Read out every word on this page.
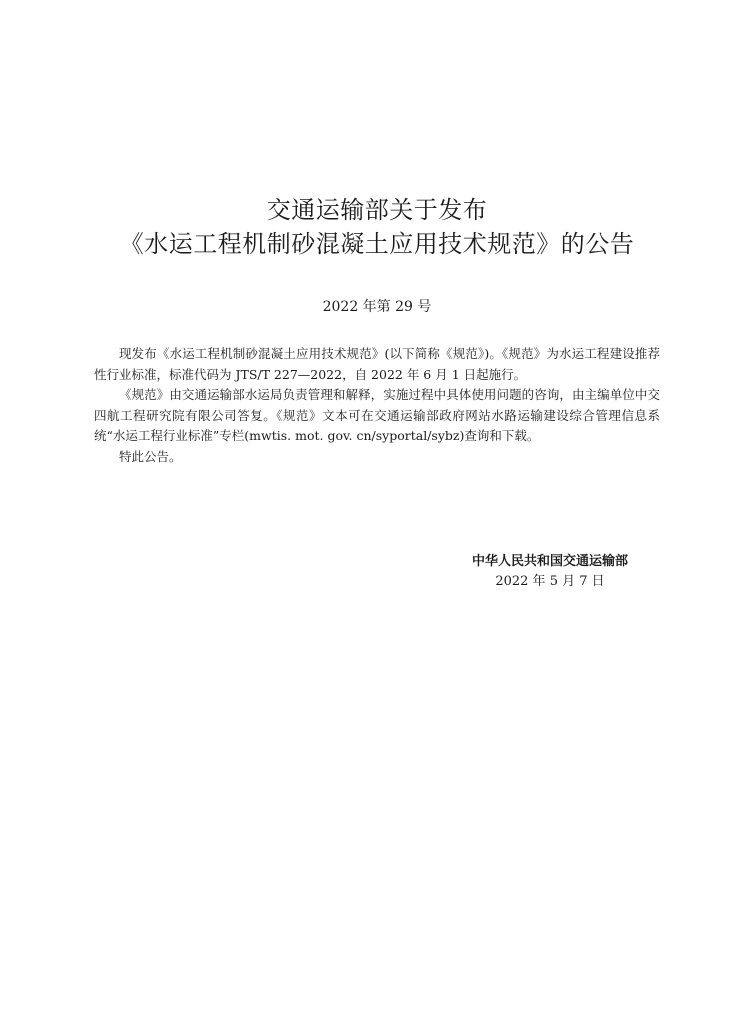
交通运输部关于发布
《水运工程机制砂混凝土应用技术规范》的公告
2022 年第 29 号

现发布《水运工程机制砂混凝土应用技术规范》(以下简称《规范》)。《规范》为水运工程建设推荐性行业标准，标准代码为 JTS/T 227—2022，自 2022 年 6 月 1 日起施行。

《规范》由交通运输部水运局负责管理和解释，实施过程中具体使用问题的咨询，由主编单位中交四航工程研究院有限公司答复。《规范》文本可在交通运输部政府网站水路运输建设综合管理信息系统“水运工程行业标准”专栏(mwtis. mot. gov. cn/syportal/sybz)查询和下载。

特此公告。

中华人民共和国交通运输部
2022 年 5 月 7 日
